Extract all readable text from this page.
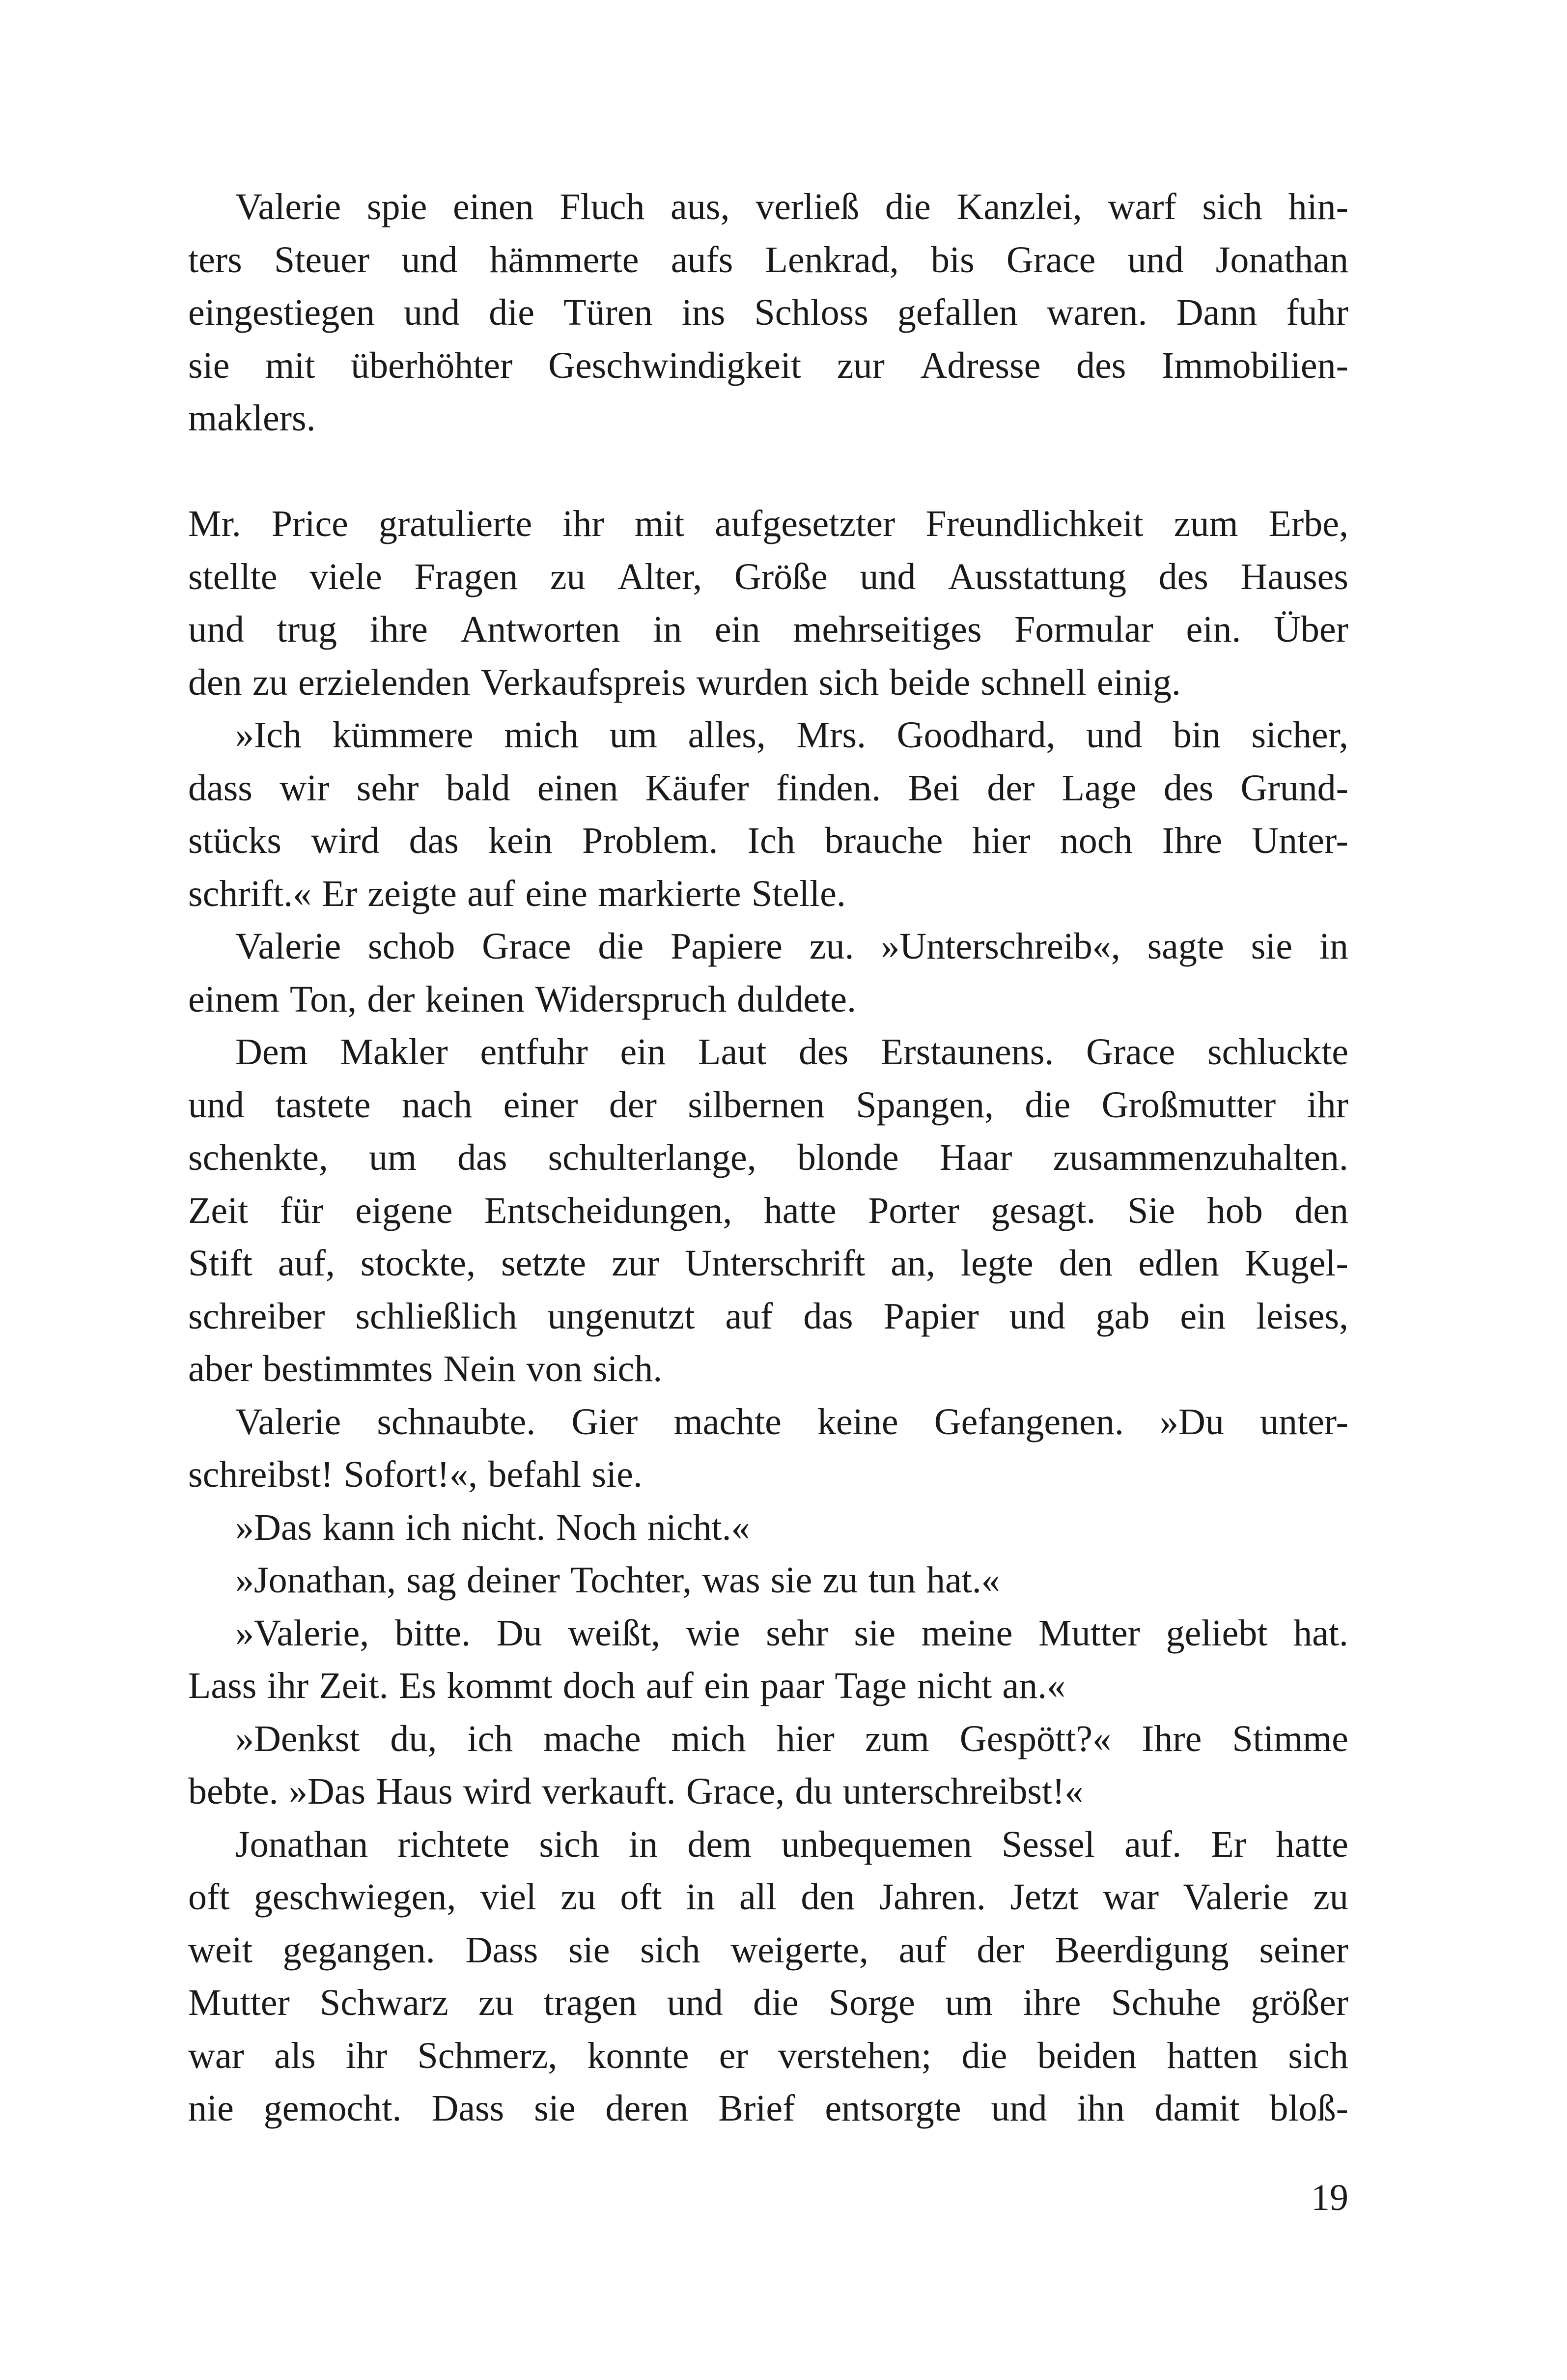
Valerie spie einen Fluch aus, verließ die Kanzlei, warf sich hin-
ters Steuer und hämmerte aufs Lenkrad, bis Grace und Jonathan
eingestiegen und die Türen ins Schloss gefallen waren. Dann fuhr
sie mit überhöhter Geschwindigkeit zur Adresse des Immobilien-
maklers.
Mr. Price gratulierte ihr mit aufgesetzter Freundlichkeit zum Erbe,
stellte viele Fragen zu Alter, Größe und Ausstattung des Hauses
und trug ihre Antworten in ein mehrseitiges Formular ein. Über
den zu erzielenden Verkaufspreis wurden sich beide schnell einig.
»Ich kümmere mich um alles, Mrs. Goodhard, und bin sicher,
dass wir sehr bald einen Käufer finden. Bei der Lage des Grund-
stücks wird das kein Problem. Ich brauche hier noch Ihre Unter-
schrift.« Er zeigte auf eine markierte Stelle.
Valerie schob Grace die Papiere zu. »Unterschreib«, sagte sie in
einem Ton, der keinen Widerspruch duldete.
Dem Makler entfuhr ein Laut des Erstaunens. Grace schluckte
und tastete nach einer der silbernen Spangen, die Großmutter ihr
schenkte, um das schulterlange, blonde Haar zusammenzuhalten.
Zeit für eigene Entscheidungen, hatte Porter gesagt. Sie hob den
Stift auf, stockte, setzte zur Unterschrift an, legte den edlen Kugel-
schreiber schließlich ungenutzt auf das Papier und gab ein leises,
aber bestimmtes Nein von sich.
Valerie schnaubte. Gier machte keine Gefangenen. »Du unter-
schreibst! Sofort!«, befahl sie.
»Das kann ich nicht. Noch nicht.«
»Jonathan, sag deiner Tochter, was sie zu tun hat.«
»Valerie, bitte. Du weißt, wie sehr sie meine Mutter geliebt hat.
Lass ihr Zeit. Es kommt doch auf ein paar Tage nicht an.«
»Denkst du, ich mache mich hier zum Gespött?« Ihre Stimme
bebte. »Das Haus wird verkauft. Grace, du unterschreibst!«
Jonathan richtete sich in dem unbequemen Sessel auf. Er hatte
oft geschwiegen, viel zu oft in all den Jahren. Jetzt war Valerie zu
weit gegangen. Dass sie sich weigerte, auf der Beerdigung seiner
Mutter Schwarz zu tragen und die Sorge um ihre Schuhe größer
war als ihr Schmerz, konnte er verstehen; die beiden hatten sich
nie gemocht. Dass sie deren Brief entsorgte und ihn damit bloß-
19
